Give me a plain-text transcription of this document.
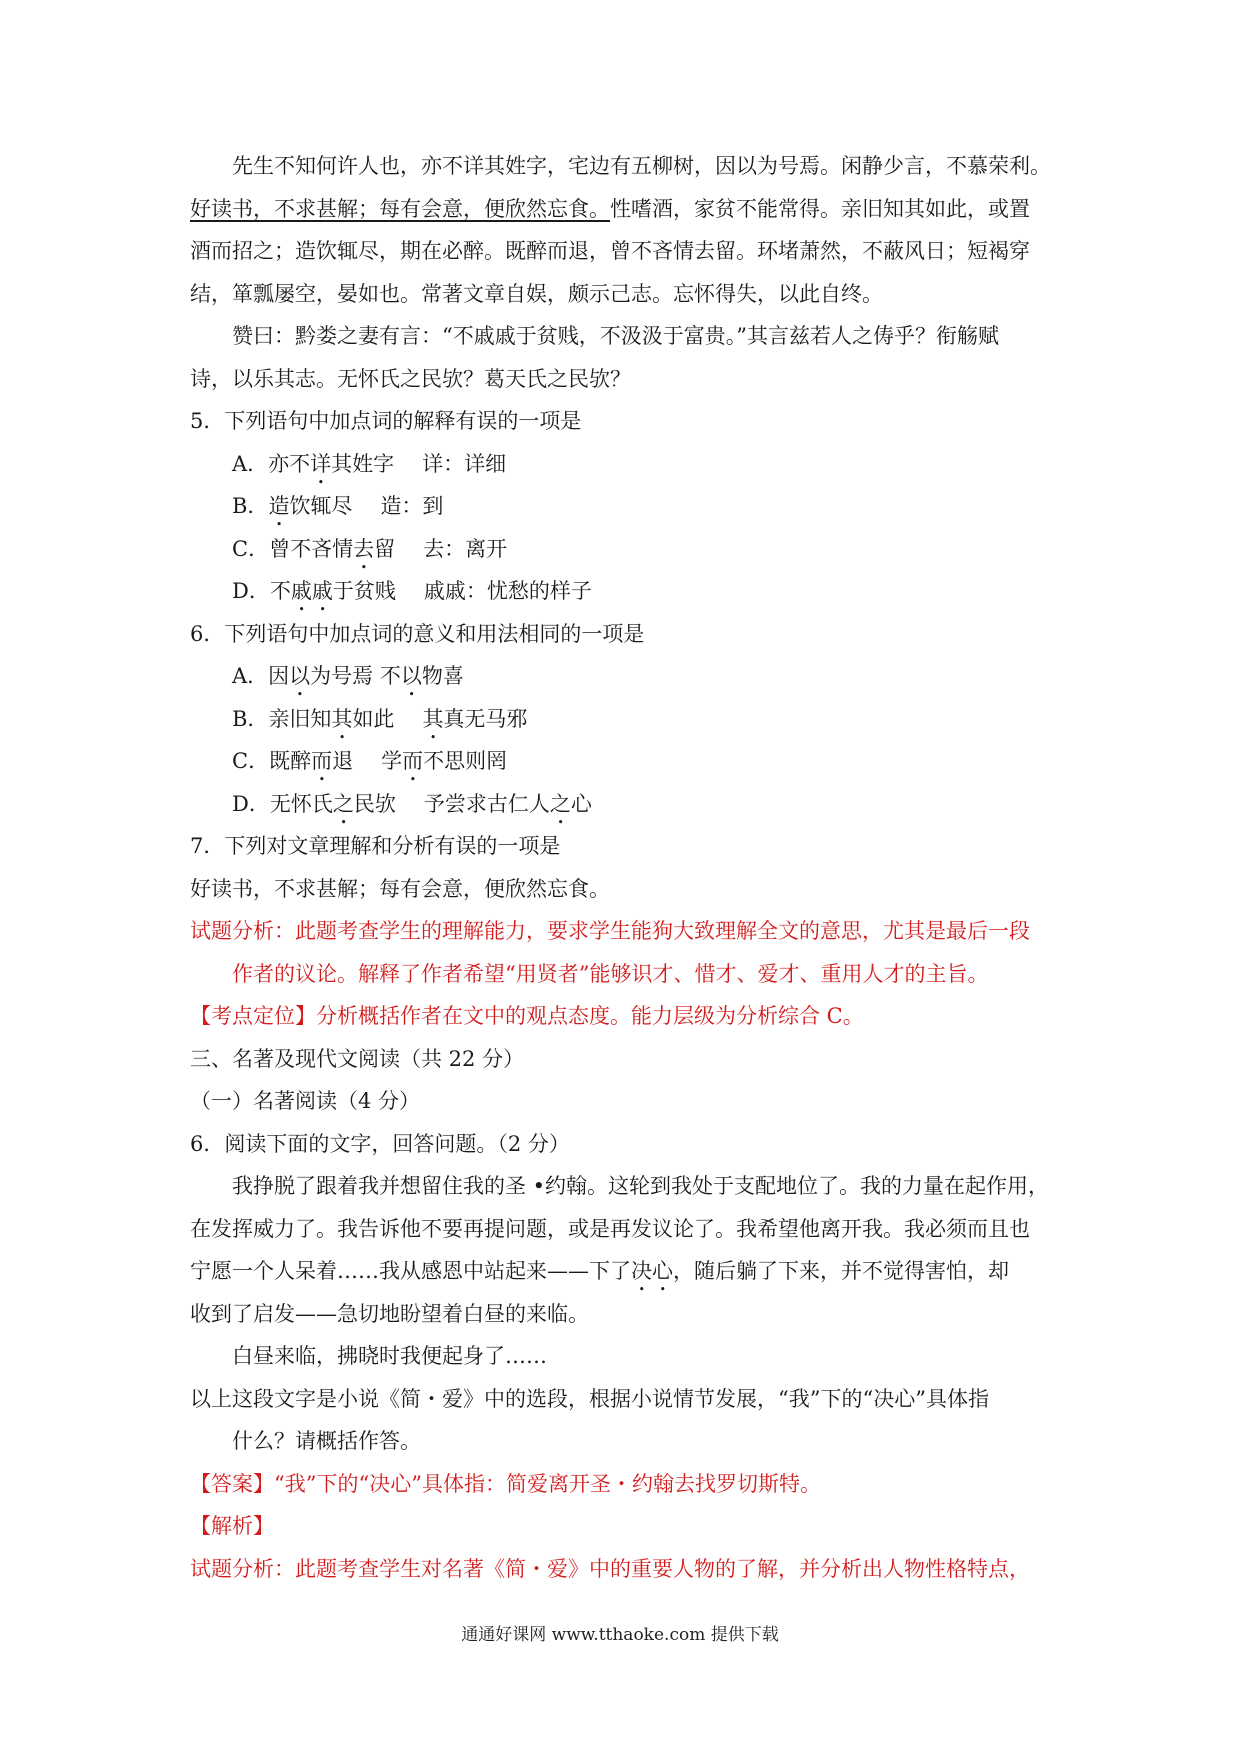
先生不知何许人也，亦不详其姓字，宅边有五柳树，因以为号焉。闲静少言，不慕荣利。
好读书，不求甚解；每有会意，便欣然忘食。性嗜酒，家贫不能常得。亲旧知其如此，或置
酒而招之；造饮辄尽，期在必醉。既醉而退，曾不吝情去留。环堵萧然，不蔽风日；短褐穿
结，箪瓢屡空，晏如也。常著文章自娱，颇示己志。忘怀得失，以此自终。
赞曰：黔娄之妻有言：“不戚戚于贫贱，不汲汲于富贵。”其言兹若人之俦乎？衔觞赋
诗，以乐其志。无怀氏之民欤？葛天氏之民欤？
5．下列语句中加点词的解释有误的一项是
A．亦不详其姓字 详：详细
B．造饮辄尽 造：到
C．曾不吝情去留 去：离开
D．不戚戚于贫贱 戚戚：忧愁的样子
6．下列语句中加点词的意义和用法相同的一项是
A．因以为号焉 不以物喜
B．亲旧知其如此 其真无马邪
C．既醉而退 学而不思则罔
D．无怀氏之民欤 予尝求古仁人之心
7．下列对文章理解和分析有误的一项是
好读书，不求甚解；每有会意，便欣然忘食。
试题分析：此题考查学生的理解能力，要求学生能狗大致理解全文的意思，尤其是最后一段
作者的议论。解释了作者希望“用贤者”能够识才、惜才、爱才、重用人才的主旨。
【考点定位】分析概括作者在文中的观点态度。能力层级为分析综合 C。
三、名著及现代文阅读（共 22 分）
（一）名著阅读（4 分）
6．阅读下面的文字，回答问题。（2 分）
我挣脱了跟着我并想留住我的圣 •约翰。这轮到我处于支配地位了。我的力量在起作用，
在发挥威力了。我告诉他不要再提问题，或是再发议论了。我希望他离开我。我必须而且也
宁愿一个人呆着……我从感恩中站起来——下了决心，随后躺了下来，并不觉得害怕，却
收到了启发——急切地盼望着白昼的来临。
白昼来临，拂晓时我便起身了……
以上这段文字是小说《简・爱》中的选段，根据小说情节发展，“我”下的“决心”具体指
什么？请概括作答。
【答案】“我”下的“决心”具体指：简爱离开圣・约翰去找罗切斯特。
【解析】
试题分析：此题考查学生对名著《简・爱》中的重要人物的了解，并分析出人物性格特点，
通通好课网 www.tthaoke.com 提供下载
